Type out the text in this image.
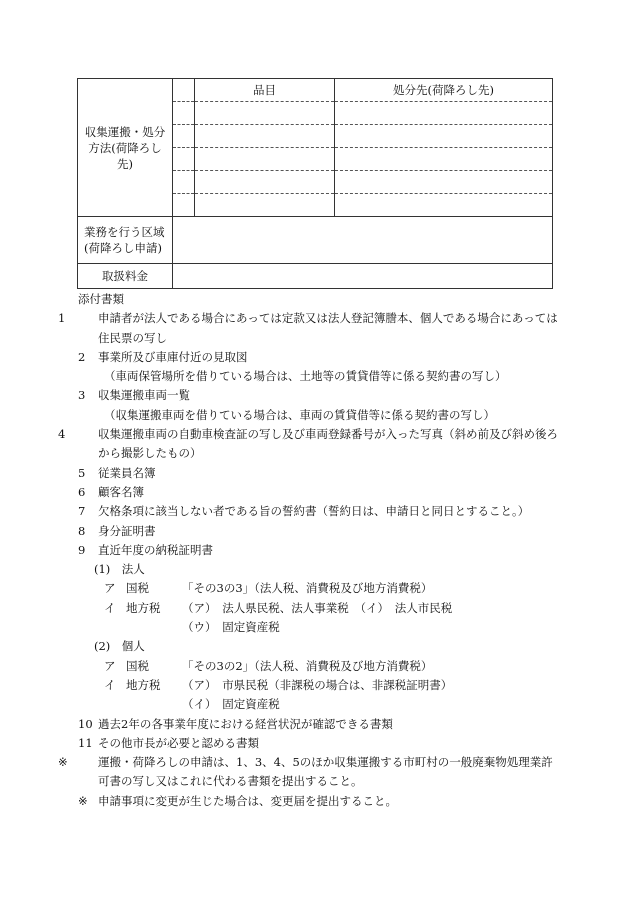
収集運搬・処分方法(荷降ろし先)		品目	処分先(荷降ろし先)

業務を行う区域(荷降ろし申請)			
取扱料金			
添付書類
1	申請者が法人である場合にあっては定款又は法人登記簿謄本、個人である場合にあっては住民票の写し
2 事業所及び車庫付近の見取図
（車両保管場所を借りている場合は、土地等の賃貸借等に係る契約書の写し）
3 収集運搬車両一覧
（収集運搬車両を借りている場合は、車両の賃貸借等に係る契約書の写し）
4	収集運搬車両の自動車検査証の写し及び車両登録番号が入った写真（斜め前及び斜め後ろから撮影したもの）
5 従業員名簿
6 顧客名簿
7 欠格条項に該当しない者である旨の誓約書（誓約日は、申請日と同日とすること。）
8 身分証明書
9 直近年度の納税証明書
(1)　法人
ア 国税	「その3の3」（法人税、消費税及び地方消費税）
イ 地方税 （ア）　法人県民税、法人事業税　（イ）　法人市民税
（ウ）　固定資産税
(2)　個人
ア 国税	「その3の2」（法人税、消費税及び地方消費税）
イ 地方税 （ア）　市県民税（非課税の場合は、非課税証明書）
（イ）　固定資産税
10 過去2年の各事業年度における経営状況が確認できる書類
11 その他市長が必要と認める書類
※	運搬・荷降ろしの申請は、1、3、4、5のほか収集運搬する市町村の一般廃棄物処理業許可書の写し又はこれに代わる書類を提出すること。
※ 申請事項に変更が生じた場合は、変更届を提出すること。
